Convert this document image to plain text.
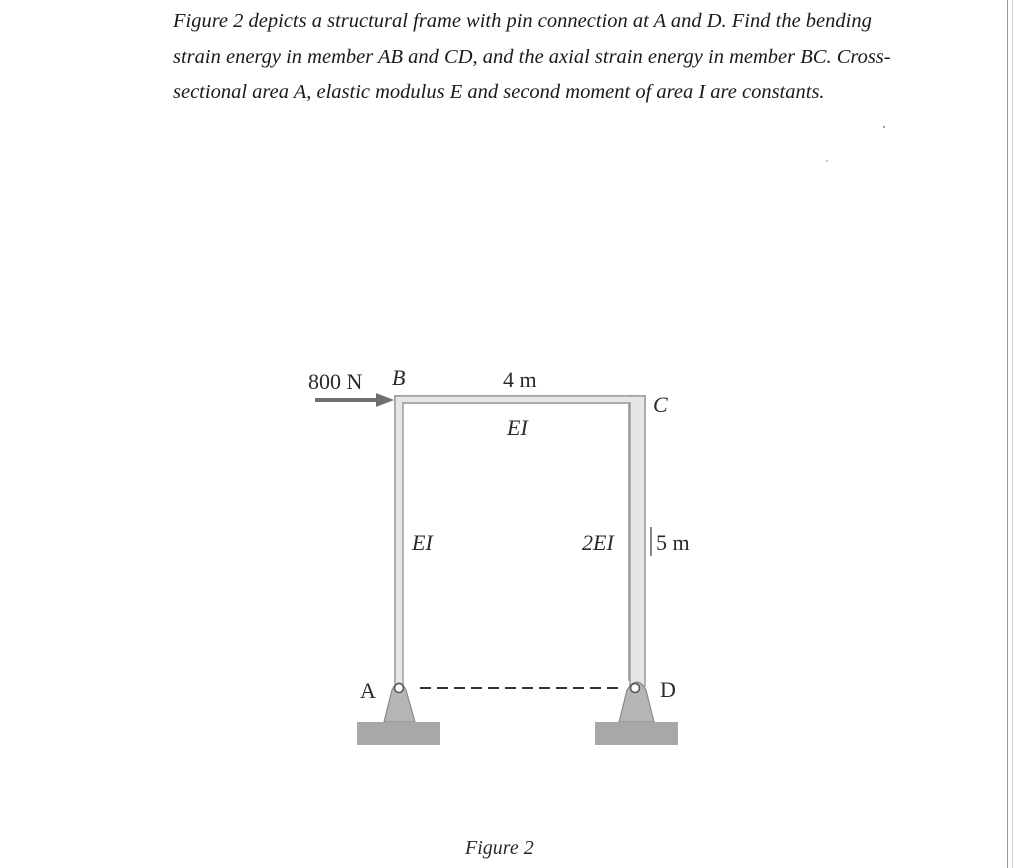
Figure 2 depicts a structural frame with pin connection at A and D. Find the bending
strain energy in member AB and CD, and the axial strain energy in member BC. Cross-
sectional area A, elastic modulus E and second moment of area I are constants.
800 N B	4 m
C
EI
EI	2EI 5 m
A	D
Figure 2
